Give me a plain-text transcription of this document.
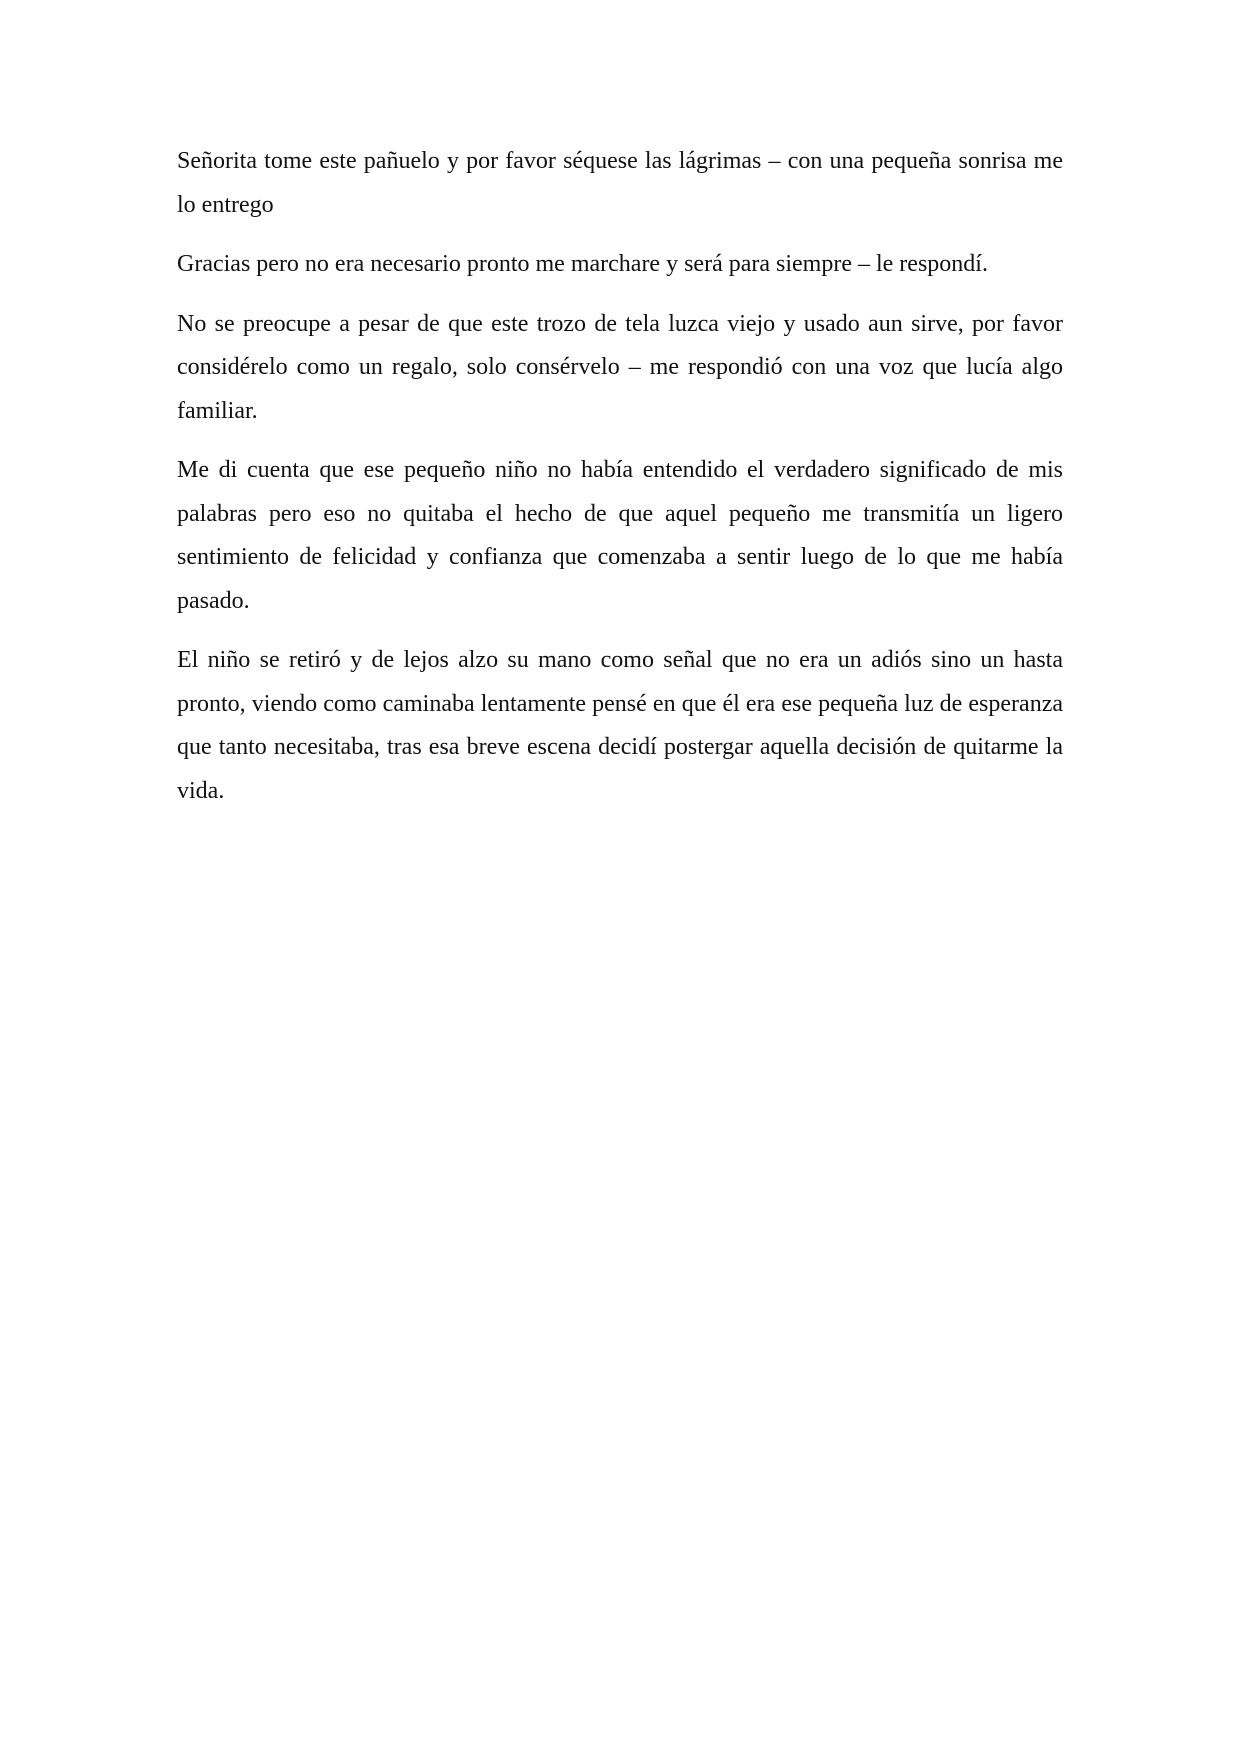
Señorita tome este pañuelo y por favor séquese las lágrimas – con una pequeña sonrisa me lo entrego

Gracias pero no era necesario pronto me marchare y será para siempre – le respondí.

No se preocupe a pesar de que este trozo de tela luzca viejo y usado aun sirve, por favor considérelo como un regalo, solo consérvelo – me respondió con una voz que lucía algo familiar.

Me di cuenta que ese pequeño niño no había entendido el verdadero significado de mis palabras pero eso no quitaba el hecho de que aquel pequeño me transmitía un ligero sentimiento de felicidad y confianza que comenzaba a sentir luego de lo que me había pasado.

El niño se retiró y de lejos alzo su mano como señal que no era un adiós sino un hasta pronto, viendo como caminaba lentamente pensé en que él era ese pequeña luz de esperanza que tanto necesitaba, tras esa breve escena decidí postergar aquella decisión de quitarme la vida.
